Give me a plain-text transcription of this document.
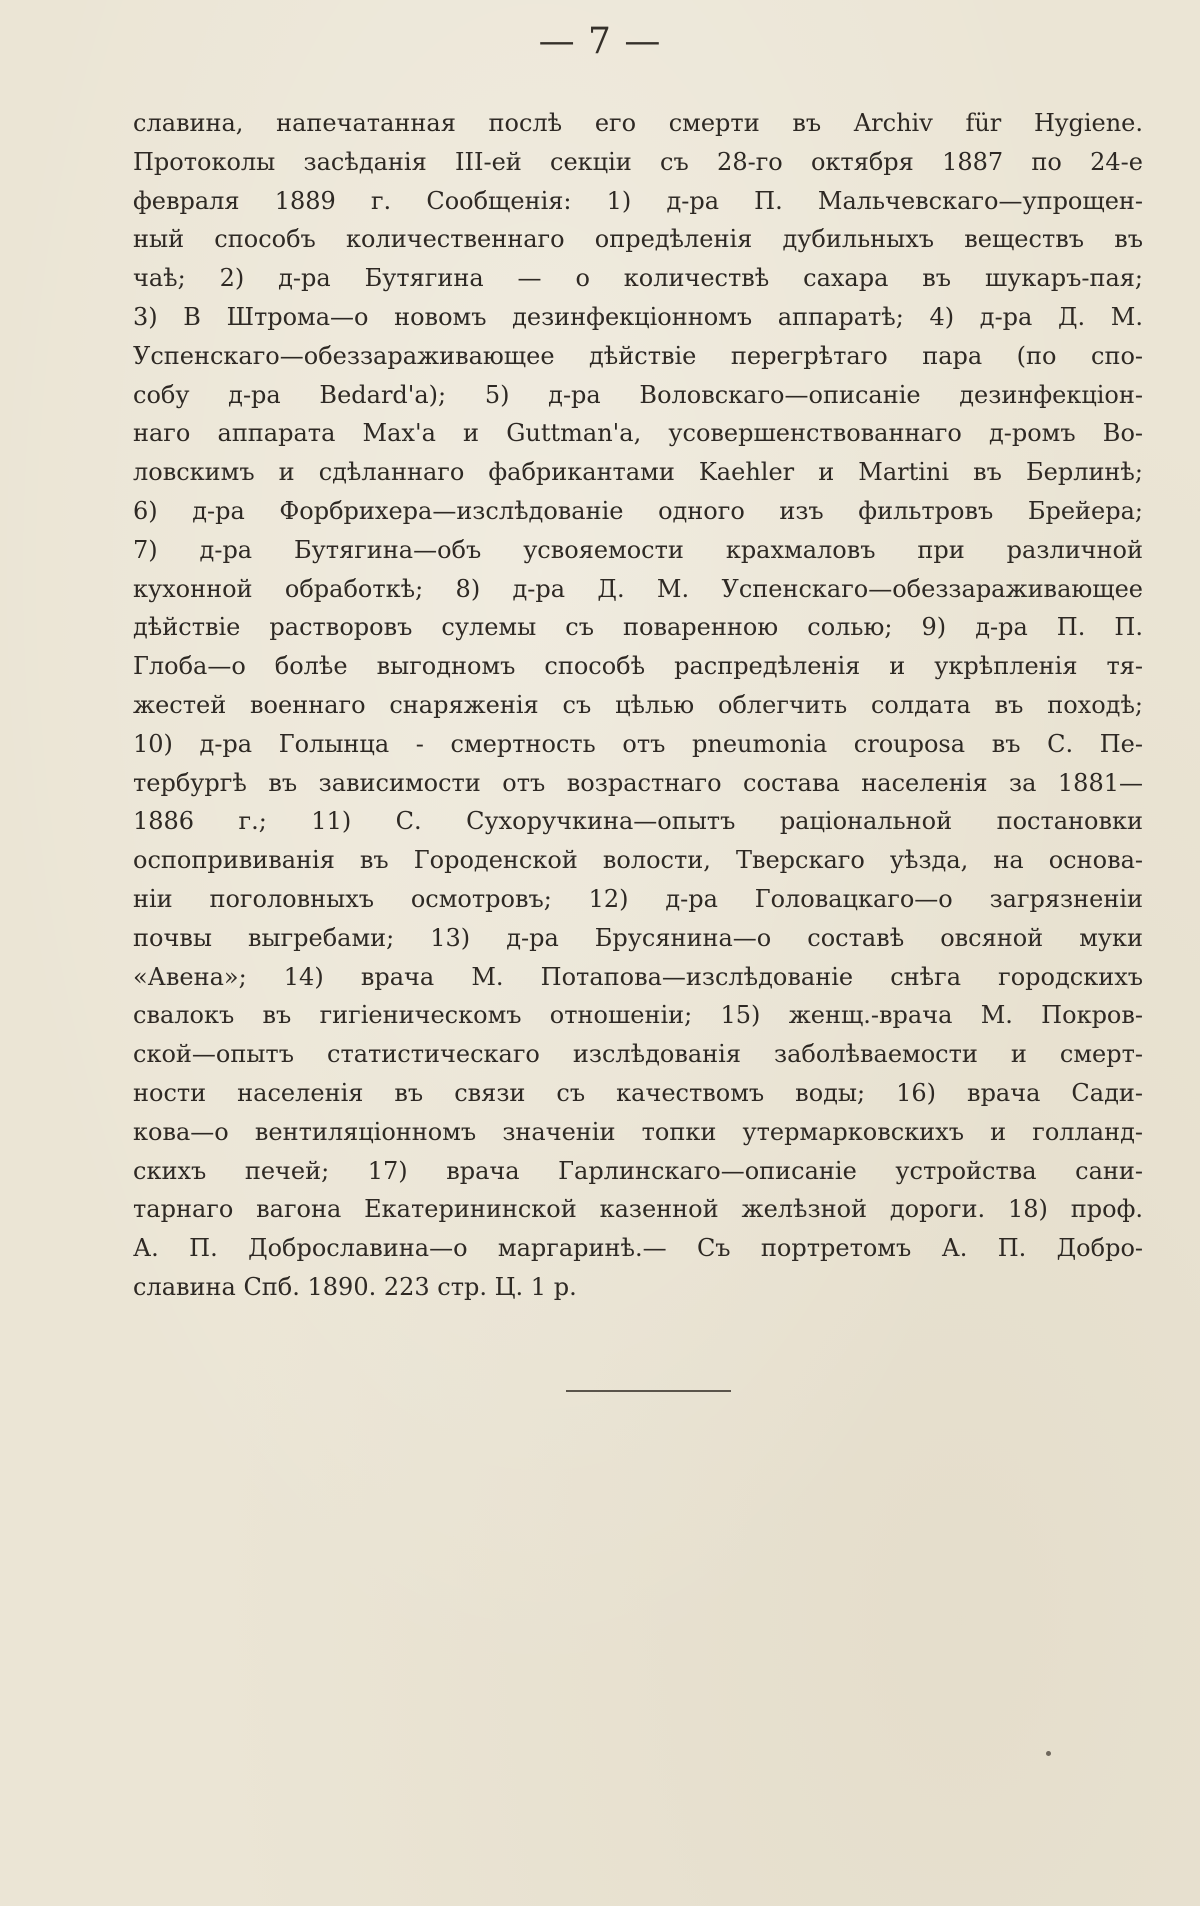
— 7 —
славина, напечатанная послѣ его смерти въ Archiv für Hygiene.
Протоколы засѣданія III-ей секціи съ 28-го октября 1887 по 24-е
февраля 1889 г. Сообщенія: 1) д-ра П. Мальчевскаго—упрощен-
ный способъ количественнаго опредѣленія дубильныхъ веществъ въ
чаѣ; 2) д-ра Бутягина — о количествѣ сахара въ шукаръ-пая;
3) В Штрома—о новомъ дезинфекціонномъ аппаратѣ; 4) д-ра Д. М.
Успенскаго—обеззараживающее дѣйствіе перегрѣтаго пара (по спо-
собу д-ра Bedard'a); 5) д-ра Воловскаго—описаніе дезинфекціон-
наго аппарата Max'a и Guttman'a, усовершенствованнаго д-ромъ Во-
ловскимъ и сдѣланнаго фабрикантами Kaehler и Martini въ Берлинѣ;
6) д-ра Форбрихера—изслѣдованіе одного изъ фильтровъ Брейера;
7) д-ра Бутягина—объ усвояемости крахмаловъ при различной
кухонной обработкѣ; 8) д-ра Д. М. Успенскаго—обеззараживающее
дѣйствіе растворовъ сулемы съ поваренною солью; 9) д-ра П. П.
Глоба—о болѣе выгодномъ способѣ распредѣленія и укрѣпленія тя-
жестей военнаго снаряженія съ цѣлью облегчить солдата въ походѣ;
10) д-ра Голынца - смертность отъ pneumonia crouposa въ С. Пе-
тербургѣ въ зависимости отъ возрастнаго состава населенія за 1881—
1886 г.; 11) С. Сухоручкина—опытъ раціональной постановки
оспопрививанія въ Городенской волости, Тверскаго уѣзда, на основа-
ніи поголовныхъ осмотровъ; 12) д-ра Головацкаго—о загрязненіи
почвы выгребами; 13) д-ра Брусянина—о составѣ овсяной муки
«Авена»; 14) врача М. Потапова—изслѣдованіе снѣга городскихъ
свалокъ въ гигіеническомъ отношеніи; 15) женщ.-врача М. Покров-
ской—опытъ статистическаго изслѣдованія заболѣваемости и смерт-
ности населенія въ связи съ качествомъ воды; 16) врача Сади-
кова—о вентиляціонномъ значеніи топки утермарковскихъ и голланд-
скихъ печей; 17) врача Гарлинскаго—описаніе устройства сани-
тарнаго вагона Екатерининской казенной желѣзной дороги. 18) проф.
А. П. Доброславина—о маргаринѣ.— Съ портретомъ А. П. Добро-
славина Спб. 1890. 223 стр. Ц. 1 р.
